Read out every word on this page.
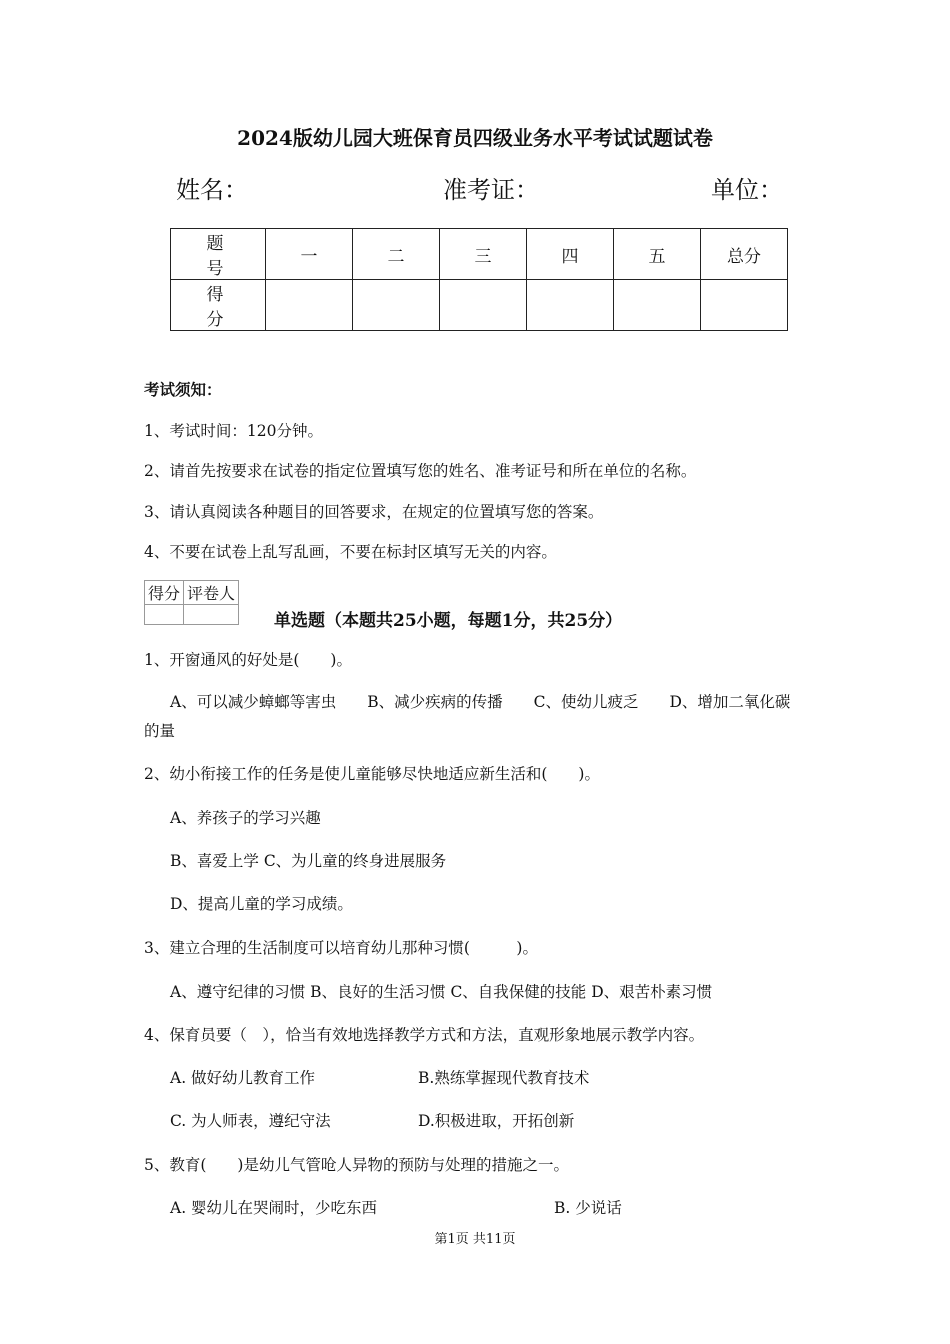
2024版幼儿园大班保育员四级业务水平考试试题试卷
姓名：	准考证：	单位：
题　号	一	二	三	四	五	总分
得　分						
考试须知：
1、考试时间：120分钟。
2、请首先按要求在试卷的指定位置填写您的姓名、准考证号和所在单位的名称。
3、请认真阅读各种题目的回答要求，在规定的位置填写您的答案。
4、不要在试卷上乱写乱画，不要在标封区填写无关的内容。
得分	评卷人

单选题（本题共25小题，每题1分，共25分）
1、开窗通风的好处是(　　)。
A、可以减少蟑螂等害虫　　B、减少疾病的传播　　C、使幼儿疲乏　　D、增加二氧化碳
的量
2、幼小衔接工作的任务是使儿童能够尽快地适应新生活和(　　)。
A、养孩子的学习兴趣
B、喜爱上学 C、为儿童的终身进展服务
D、提高儿童的学习成绩。
3、建立合理的生活制度可以培育幼儿那种习惯(　　　)。
A、遵守纪律的习惯 B、良好的生活习惯 C、自我保健的技能 D、艰苦朴素习惯
4、保育员要（　），恰当有效地选择教学方式和方法，直观形象地展示教学内容。
A. 做好幼儿教育工作	B.熟练掌握现代教育技术
C. 为人师表，遵纪守法	D.积极进取，开拓创新
5、教育(　　)是幼儿气管呛人异物的预防与处理的措施之一。
A. 婴幼儿在哭闹时，少吃东西	B. 少说话
第1页 共11页
